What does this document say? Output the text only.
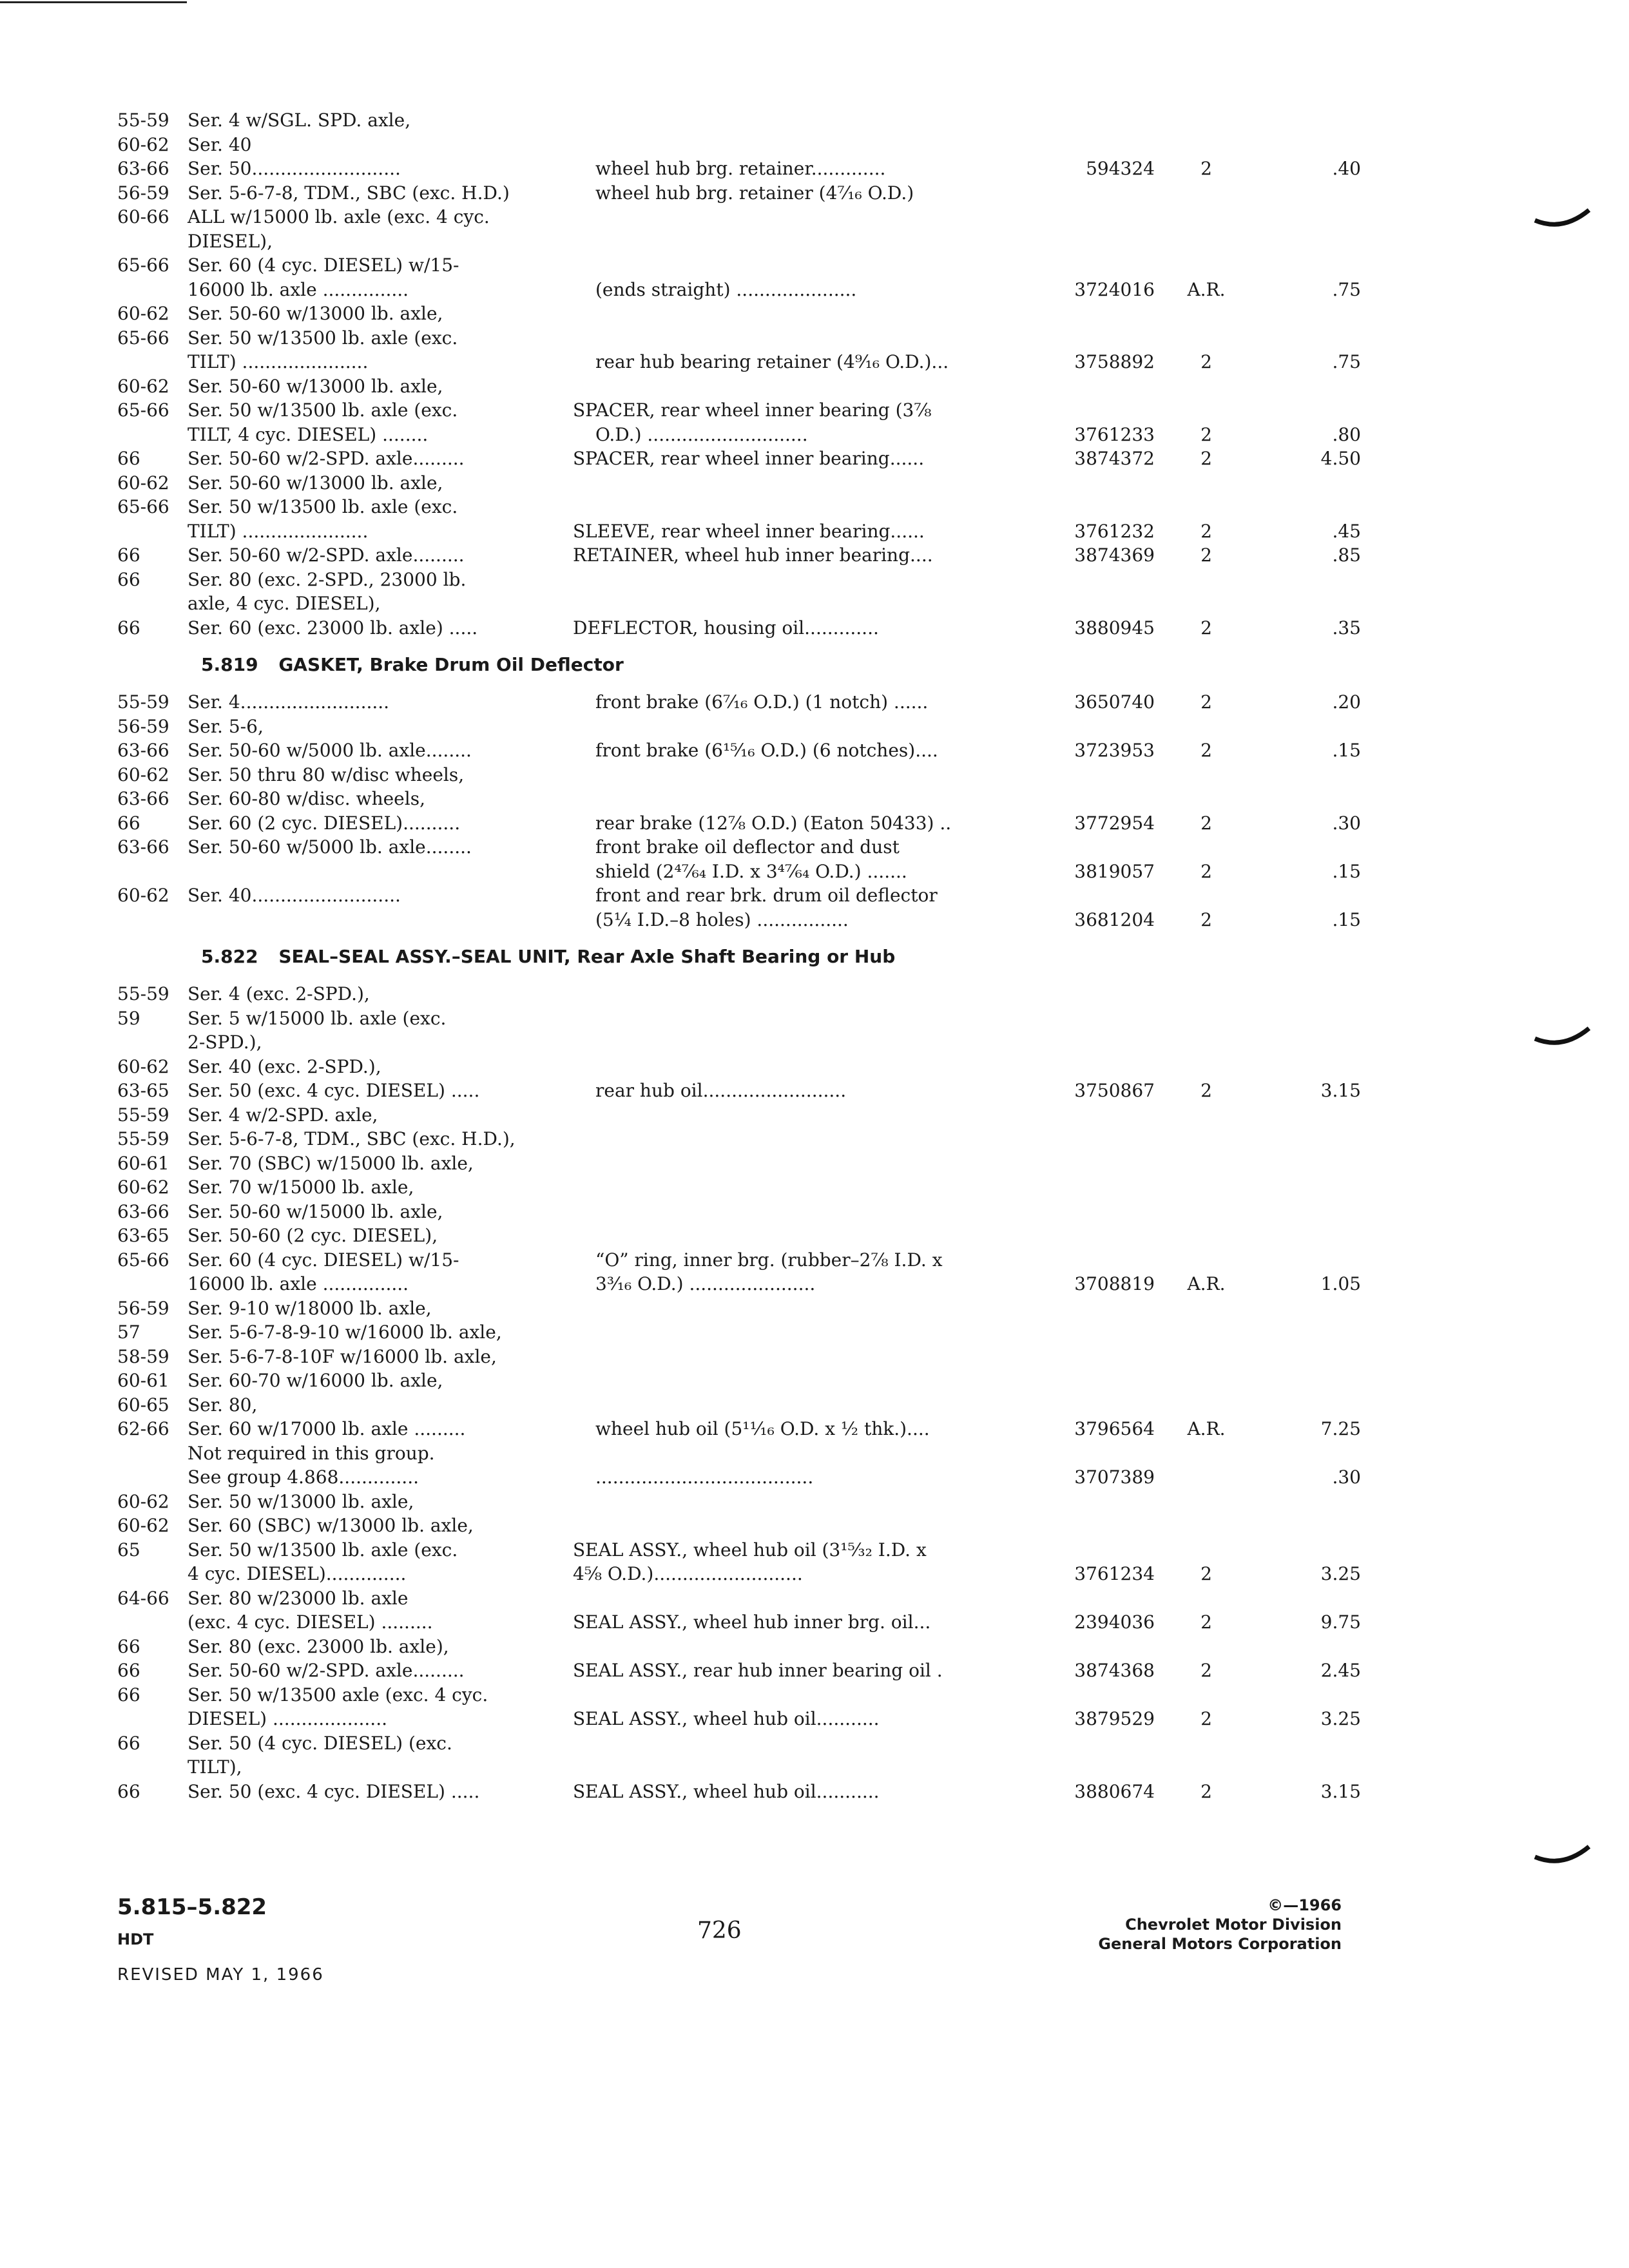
55-59 Ser. 4 w/SGL. SPD. axle,
60-62 Ser. 40
63-66 Ser. 50..........................	wheel hub brg. retainer.............	594324	2	.40
56-59 Ser. 5-6-7-8, TDM., SBC (exc. H.D.)	wheel hub brg. retainer (4⁷⁄₁₆ O.D.)
60-66 ALL w/15000 lb. axle (exc. 4 cyc.
DIESEL),
65-66 Ser. 60 (4 cyc. DIESEL) w/15-
16000 lb. axle ...............	(ends straight) .....................	3724016	A.R.	.75
60-62 Ser. 50-60 w/13000 lb. axle,
65-66 Ser. 50 w/13500 lb. axle (exc.
TILT) ......................	rear hub bearing retainer (4⁹⁄₁₆ O.D.)...	3758892	2	.75
60-62 Ser. 50-60 w/13000 lb. axle,
65-66 Ser. 50 w/13500 lb. axle (exc.	SPACER, rear wheel inner bearing (3⅞
TILT, 4 cyc. DIESEL) ........	O.D.) ............................	3761233	2	.80
66	Ser. 50-60 w/2-SPD. axle.........	SPACER, rear wheel inner bearing......	3874372	2	4.50
60-62 Ser. 50-60 w/13000 lb. axle,
65-66 Ser. 50 w/13500 lb. axle (exc.
TILT) ......................	SLEEVE, rear wheel inner bearing......	3761232	2	.45
66	Ser. 50-60 w/2-SPD. axle.........	RETAINER, wheel hub inner bearing....	3874369	2	.85
66	Ser. 80 (exc. 2-SPD., 23000 lb.
axle, 4 cyc. DIESEL),
66	Ser. 60 (exc. 23000 lb. axle) .....	DEFLECTOR, housing oil.............	3880945	2	.35
5.819 GASKET, Brake Drum Oil Deflector
55-59 Ser. 4..........................	front brake (6⁷⁄₁₆ O.D.) (1 notch) ......	3650740	2	.20
56-59 Ser. 5-6,
63-66 Ser. 50-60 w/5000 lb. axle........	front brake (6¹⁵⁄₁₆ O.D.) (6 notches)....	3723953	2	.15
60-62 Ser. 50 thru 80 w/disc wheels,
63-66 Ser. 60-80 w/disc. wheels,
66	Ser. 60 (2 cyc. DIESEL)..........	rear brake (12⅞ O.D.) (Eaton 50433) ..	3772954	2	.30
63-66 Ser. 50-60 w/5000 lb. axle........	front brake oil deflector and dust
shield (2⁴⁷⁄₆₄ I.D. x 3⁴⁷⁄₆₄ O.D.) .......	3819057	2	.15
60-62 Ser. 40..........................	front and rear brk. drum oil deflector
(5¼ I.D.–8 holes) ................	3681204	2	.15
5.822 SEAL–SEAL ASSY.–SEAL UNIT, Rear Axle Shaft Bearing or Hub
55-59 Ser. 4 (exc. 2-SPD.),
59	Ser. 5 w/15000 lb. axle (exc.
2-SPD.),
60-62 Ser. 40 (exc. 2-SPD.),
63-65 Ser. 50 (exc. 4 cyc. DIESEL) .....	rear hub oil.........................	3750867	2	3.15
55-59 Ser. 4 w/2-SPD. axle,
55-59 Ser. 5-6-7-8, TDM., SBC (exc. H.D.),
60-61 Ser. 70 (SBC) w/15000 lb. axle,
60-62 Ser. 70 w/15000 lb. axle,
63-66 Ser. 50-60 w/15000 lb. axle,
63-65 Ser. 50-60 (2 cyc. DIESEL),
65-66 Ser. 60 (4 cyc. DIESEL) w/15-	“O” ring, inner brg. (rubber–2⅞ I.D. x
16000 lb. axle ...............	3³⁄₁₆ O.D.) ......................	3708819	A.R.	1.05
56-59 Ser. 9-10 w/18000 lb. axle,
57	Ser. 5-6-7-8-9-10 w/16000 lb. axle,
58-59 Ser. 5-6-7-8-10F w/16000 lb. axle,
60-61 Ser. 60-70 w/16000 lb. axle,
60-65 Ser. 80,
62-66 Ser. 60 w/17000 lb. axle .........	wheel hub oil (5¹¹⁄₁₆ O.D. x ½ thk.)....	3796564	A.R.	7.25
Not required in this group.
See group 4.868..............	......................................	3707389	.30
60-62 Ser. 50 w/13000 lb. axle,
60-62 Ser. 60 (SBC) w/13000 lb. axle,
65	Ser. 50 w/13500 lb. axle (exc.	SEAL ASSY., wheel hub oil (3¹⁵⁄₃₂ I.D. x
4 cyc. DIESEL)..............	4⅝ O.D.)..........................	3761234	2	3.25
64-66 Ser. 80 w/23000 lb. axle
(exc. 4 cyc. DIESEL) .........	SEAL ASSY., wheel hub inner brg. oil...	2394036	2	9.75
66	Ser. 80 (exc. 23000 lb. axle),
66	Ser. 50-60 w/2-SPD. axle.........	SEAL ASSY., rear hub inner bearing oil .	3874368	2	2.45
66	Ser. 50 w/13500 axle (exc. 4 cyc.
DIESEL) ....................	SEAL ASSY., wheel hub oil...........	3879529	2	3.25
66	Ser. 50 (4 cyc. DIESEL) (exc.
TILT),
66	Ser. 50 (exc. 4 cyc. DIESEL) .....	SEAL ASSY., wheel hub oil...........	3880674	2	3.15
5.815–5.822
HDT
REVISED MAY 1, 1966
726
©—1966
Chevrolet Motor Division
General Motors Corporation
